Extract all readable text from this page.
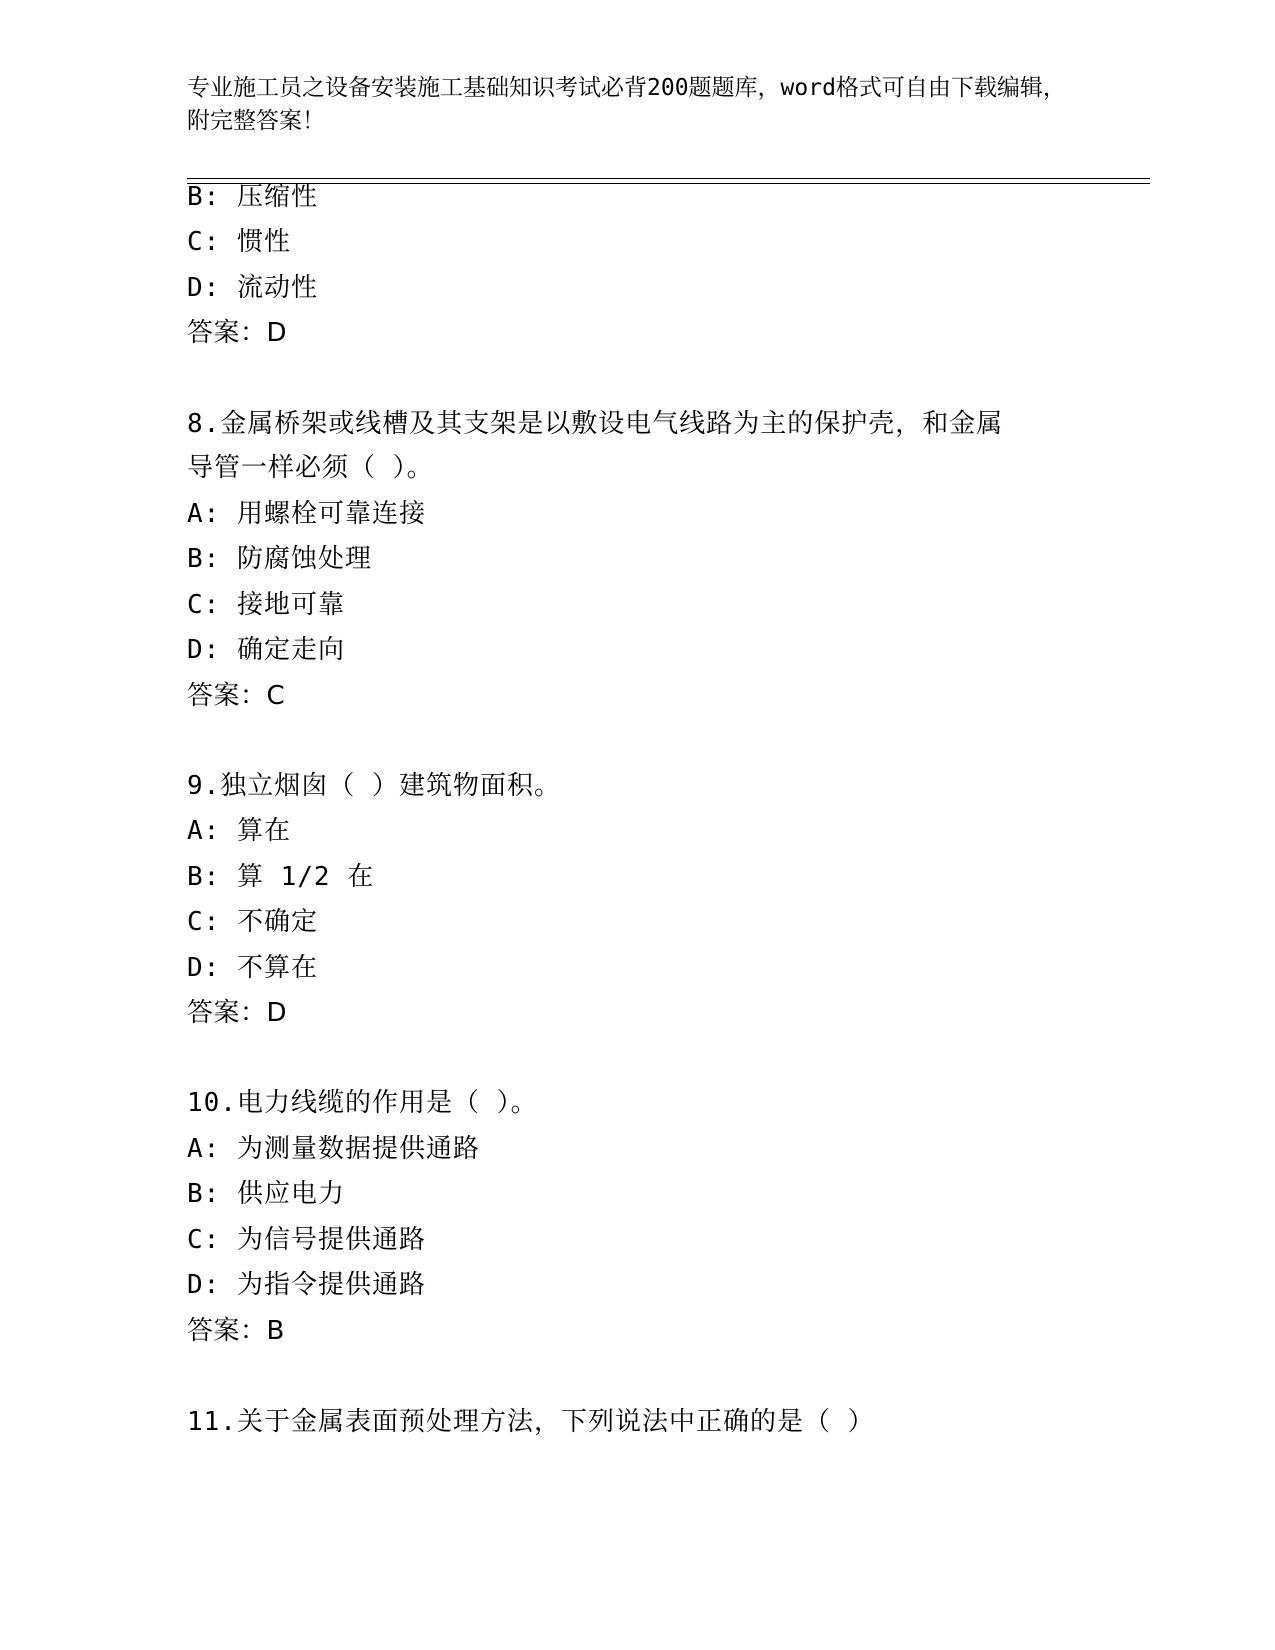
专业施工员之设备安装施工基础知识考试必背200题题库，word格式可自由下载编辑，附完整答案！
B: 压缩性
C: 惯性
D: 流动性
答案：D
8.金属桥架或线槽及其支架是以敷设电气线路为主的保护壳，和金属
导管一样必须（ ）。
A: 用螺栓可靠连接
B: 防腐蚀处理
C: 接地可靠
D: 确定走向
答案：C
9.独立烟囱（ ）建筑物面积。
A: 算在
B: 算 1/2 在
C: 不确定
D: 不算在
答案：D
10.电力线缆的作用是（ ）。
A: 为测量数据提供通路
B: 供应电力
C: 为信号提供通路
D: 为指令提供通路
答案：B
11.关于金属表面预处理方法，下列说法中正确的是（ ）
